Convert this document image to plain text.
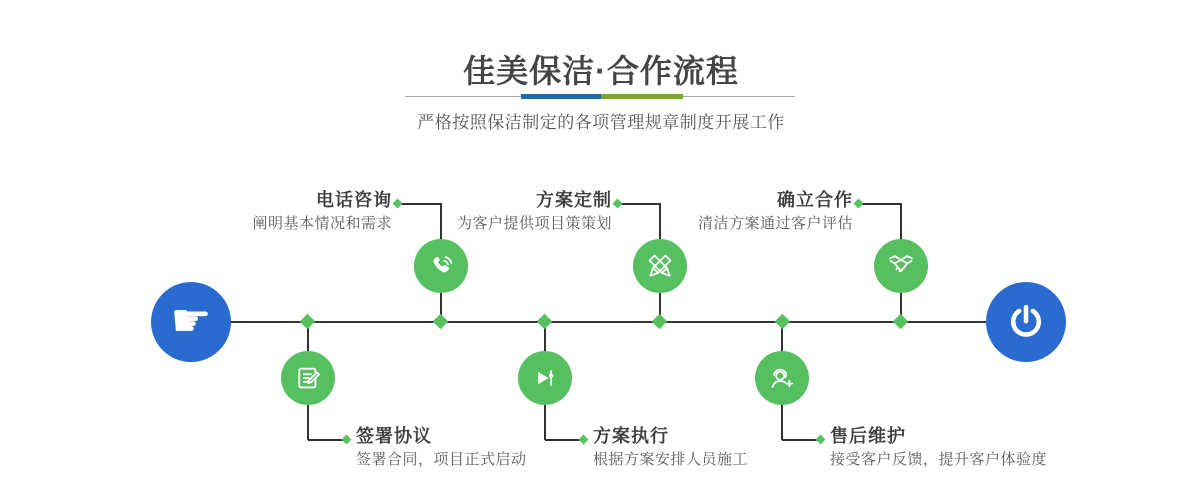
佳美保洁·合作流程
严格按照保洁制定的各项管理规章制度开展工作
☛
电话咨询

阐明基本情况和需求

方案定制

为客户提供项目策策划

确立合作

清洁方案通过客户评估

签署协议

签署合同，项目正式启动

方案执行

根据方案安排人员施工

售后维护

接受客户反馈，提升客户体验度
